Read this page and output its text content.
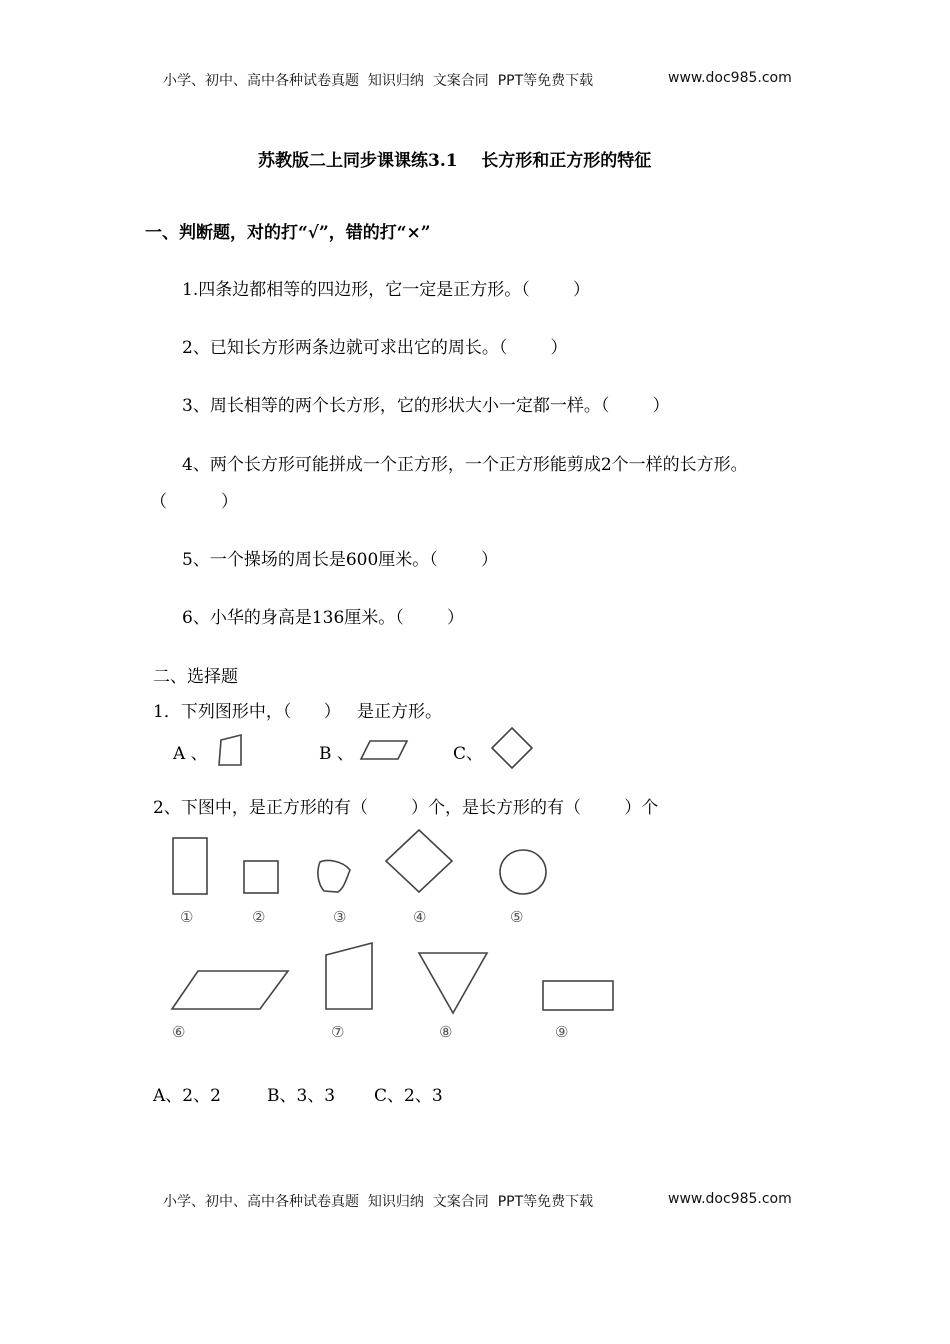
小学、初中、高中各种试卷真题  知识归纳  文案合同  PPT等免费下载	www.doc985.com
苏教版二上同步课课练3.1    长方形和正方形的特征
一、判断题，对的打“√”，错的打“×”
1.四条边都相等的四边形，它一定是正方形。（        ）
2、已知长方形两条边就可求出它的周长。（        ）
3、周长相等的两个长方形，它的形状大小一定都一样。（        ）
4、两个长方形可能拼成一个正方形，一个正方形能剪成2个一样的长方形。
（          ）
5、一个操场的周长是600厘米。（        ）
6、小华的身高是136厘米。（        ）
二、选择题
1．下列图形中，（      ）   是正方形。
A 、	B 、	C、
2、下图中，是正方形的有（        ）个，是长方形的有（        ）个
①	②	③	④	⑤
⑥	⑦	⑧	⑨
A、2、2	B、3、3 C、2、3
小学、初中、高中各种试卷真题  知识归纳  文案合同  PPT等免费下载	www.doc985.com
